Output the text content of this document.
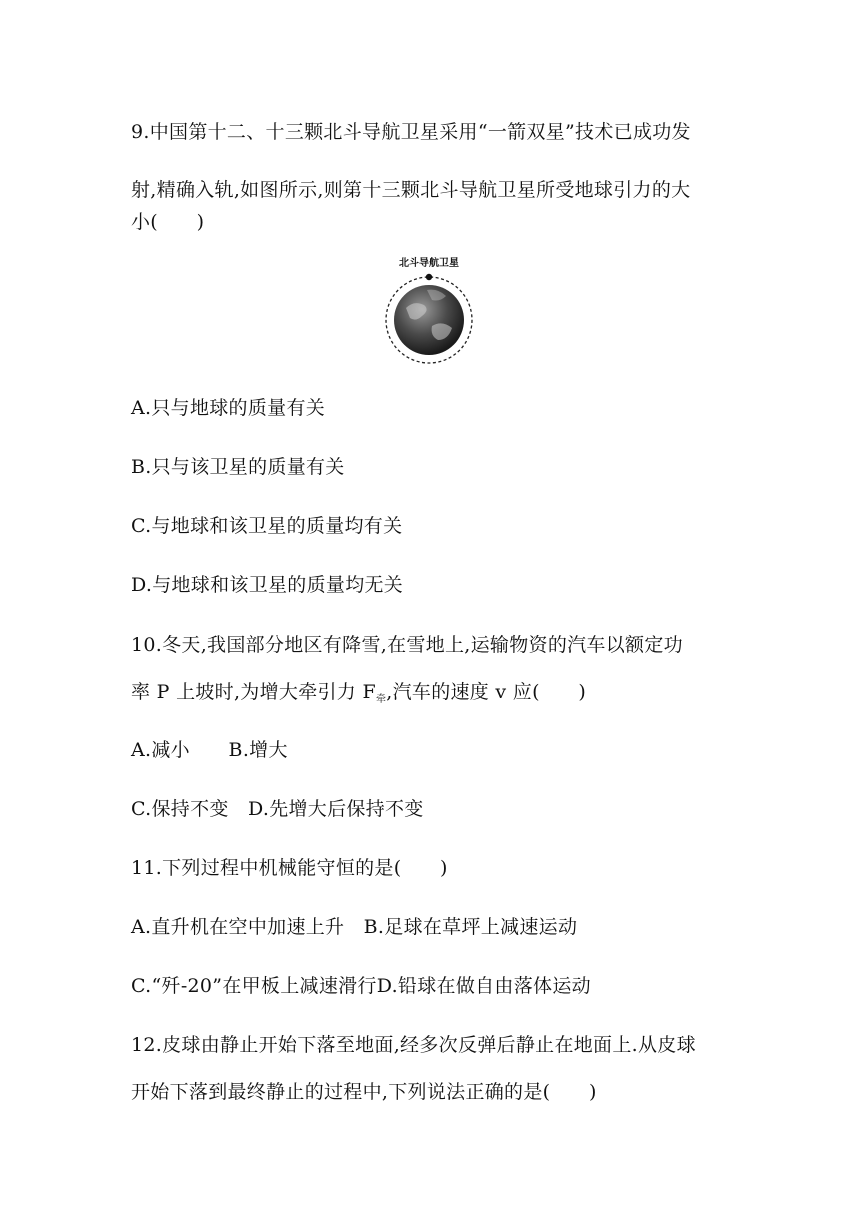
9.中国第十二、十三颗北斗导航卫星采用“一箭双星”技术已成功发
射,精确入轨,如图所示,则第十三颗北斗导航卫星所受地球引力的大
小(　　)
北斗导航卫星
A.只与地球的质量有关
B.只与该卫星的质量有关
C.与地球和该卫星的质量均有关
D.与地球和该卫星的质量均无关
10.冬天,我国部分地区有降雪,在雪地上,运输物资的汽车以额定功
率 P 上坡时,为增大牵引力 $F_牵$,汽车的速度 v 应(　　)
A.减小　　B.增大
C.保持不变　D.先增大后保持不变
11.下列过程中机械能守恒的是(　　)
A.直升机在空中加速上升　B.足球在草坪上减速运动
C.“歼-20”在甲板上减速滑行D.铅球在做自由落体运动
12.皮球由静止开始下落至地面,经多次反弹后静止在地面上.从皮球
开始下落到最终静止的过程中,下列说法正确的是(　　)
